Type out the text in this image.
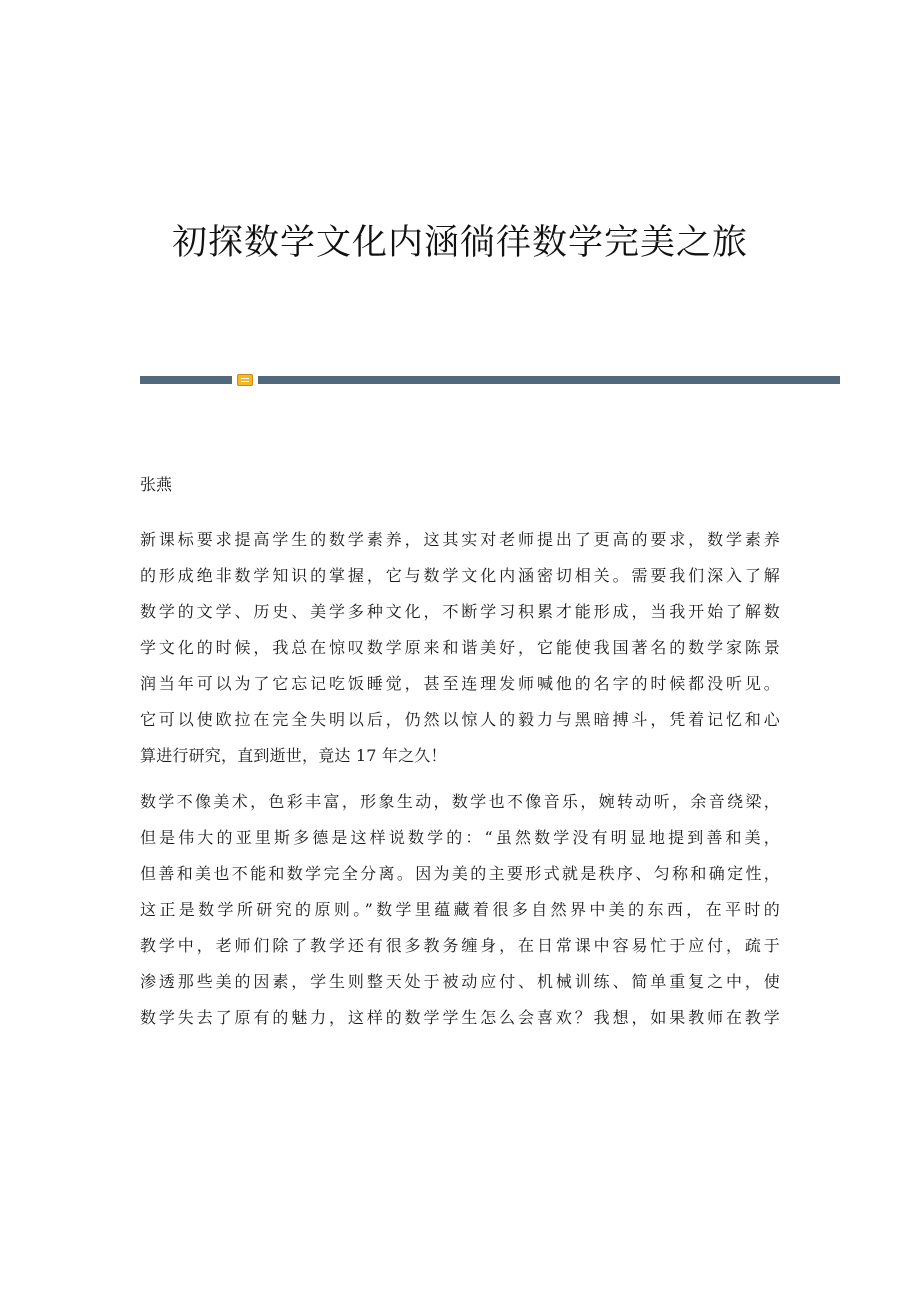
初探数学文化内涵徜徉数学完美之旅
张燕
新课标要求提高学生的数学素养，这其实对老师提出了更高的要求，数学素养
的形成绝非数学知识的掌握，它与数学文化内涵密切相关。需要我们深入了解
数学的文学、历史、美学多种文化，不断学习积累才能形成，当我开始了解数
学文化的时候，我总在惊叹数学原来和谐美好，它能使我国著名的数学家陈景
润当年可以为了它忘记吃饭睡觉，甚至连理发师喊他的名字的时候都没听见。
它可以使欧拉在完全失明以后，仍然以惊人的毅力与黑暗搏斗，凭着记忆和心
算进行研究，直到逝世，竟达 17 年之久！
数学不像美术，色彩丰富，形象生动，数学也不像音乐，婉转动听，余音绕梁，
但是伟大的亚里斯多德是这样说数学的：“虽然数学没有明显地提到善和美，
但善和美也不能和数学完全分离。因为美的主要形式就是秩序、匀称和确定性，
这正是数学所研究的原则。”数学里蕴藏着很多自然界中美的东西，在平时的
教学中，老师们除了教学还有很多教务缠身，在日常课中容易忙于应付，疏于
渗透那些美的因素，学生则整天处于被动应付、机械训练、简单重复之中，使
数学失去了原有的魅力，这样的数学学生怎么会喜欢？我想，如果教师在教学
